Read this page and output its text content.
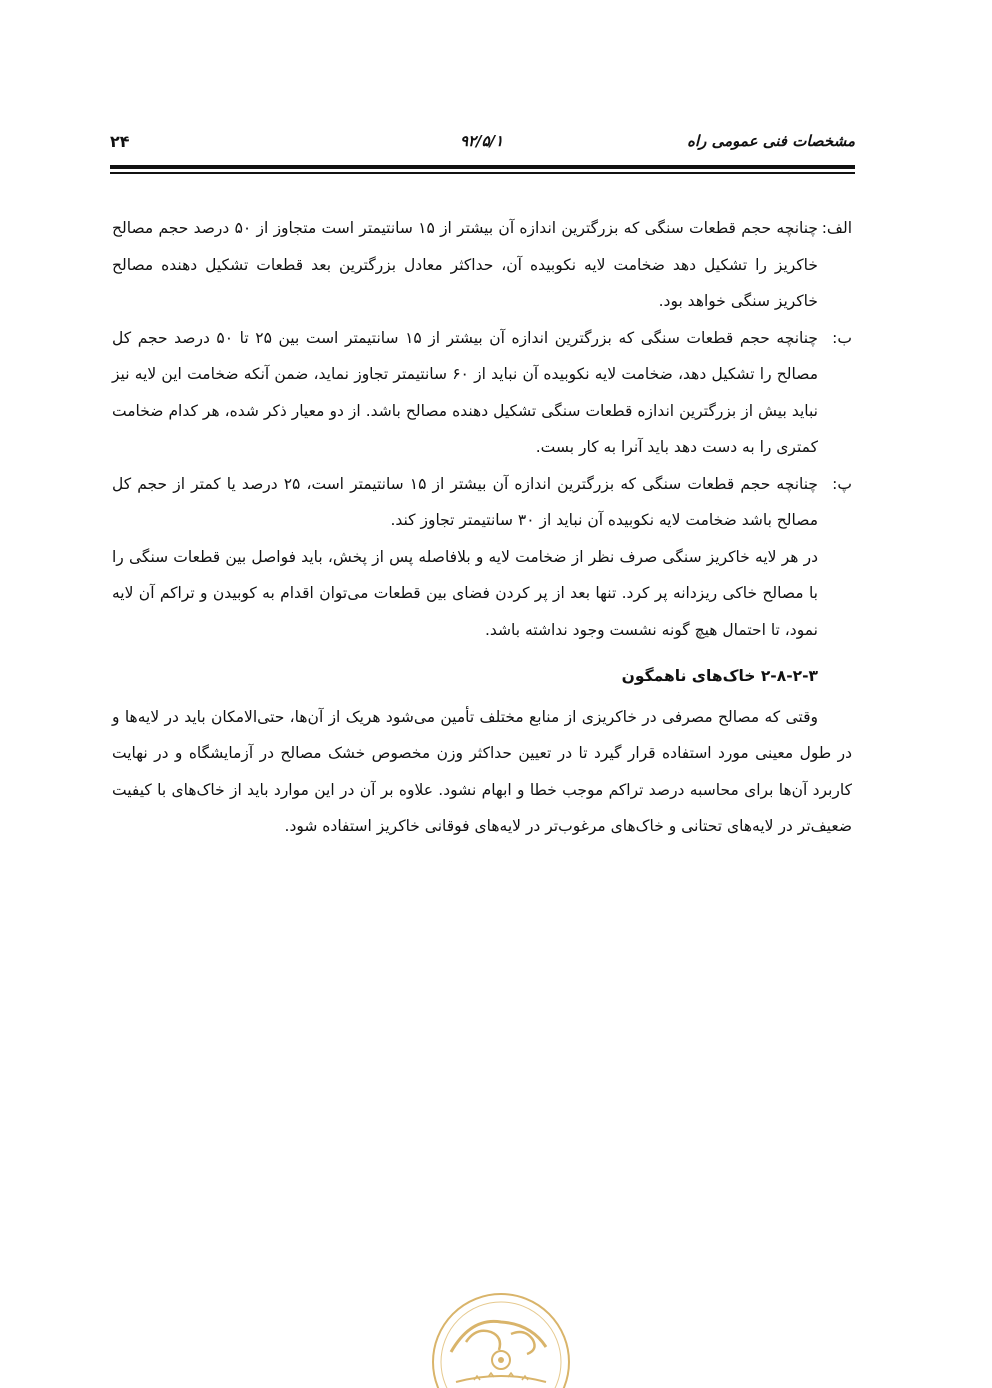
۲۴	۹۲/۵/۱	مشخصات فنی عمومی راه
الف:
چنانچه حجم قطعات سنگی که بزرگترین اندازه آن بیشتر از ۱۵ سانتیمتر است متجاوز از ۵۰ درصد حجم مصالح خاکریز را تشکیل دهد ضخامت لایه نکوبیده آن، حداکثر معادل بزرگترین بعد قطعات تشکیل دهنده مصالح خاکریز سنگی خواهد بود.
ب:
چنانچه حجم قطعات سنگی که بزرگترین اندازه آن بیشتر از ۱۵ سانتیمتر است بین ۲۵ تا ۵۰ درصد حجم کل مصالح را تشکیل دهد، ضخامت لایه نکوبیده آن نباید از ۶۰ سانتیمتر تجاوز نماید، ضمن آنکه ضخامت این لایه نیز نباید بیش از بزرگترین اندازه قطعات سنگی تشکیل دهنده مصالح باشد. از دو معیار ذکر شده، هر کدام ضخامت کمتری را به دست دهد باید آنرا به کار بست.
پ:
چنانچه حجم قطعات سنگی که بزرگترین اندازه آن بیشتر از ۱۵ سانتیمتر است، ۲۵ درصد یا کمتر از حجم کل مصالح باشد ضخامت لایه نکوبیده آن نباید از ۳۰ سانتیمتر تجاوز کند.
در هر لایه خاکریز سنگی صرف نظر از ضخامت لایه و بلافاصله پس از پخش، باید فواصل بین قطعات سنگی را با مصالح خاکی ریزدانه پر کرد. تنها بعد از پر کردن فضای بین قطعات می‌توان اقدام به کوبیدن و تراکم آن لایه نمود، تا احتمال هیچ گونه نشست وجود نداشته باشد.
۲-۸-۲-۳ خاک‌های ناهمگون
وقتی که مصالح مصرفی در خاکریزی از منابع مختلف تأمین می‌شود هریک از آن‌ها، حتی‌الامکان باید در لایه‌ها و در طول معینی مورد استفاده قرار گیرد تا در تعیین حداکثر وزن مخصوص خشک مصالح در آزمایشگاه و در نهایت کاربرد آن‌ها برای محاسبه درصد تراکم موجب خطا و ابهام نشود. علاوه بر آن در این موارد باید از خاک‌های با کیفیت ضعیف‌تر در لایه‌های تحتانی و خاک‌های مرغوب‌تر در لایه‌های فوقانی خاکریز استفاده شود.
